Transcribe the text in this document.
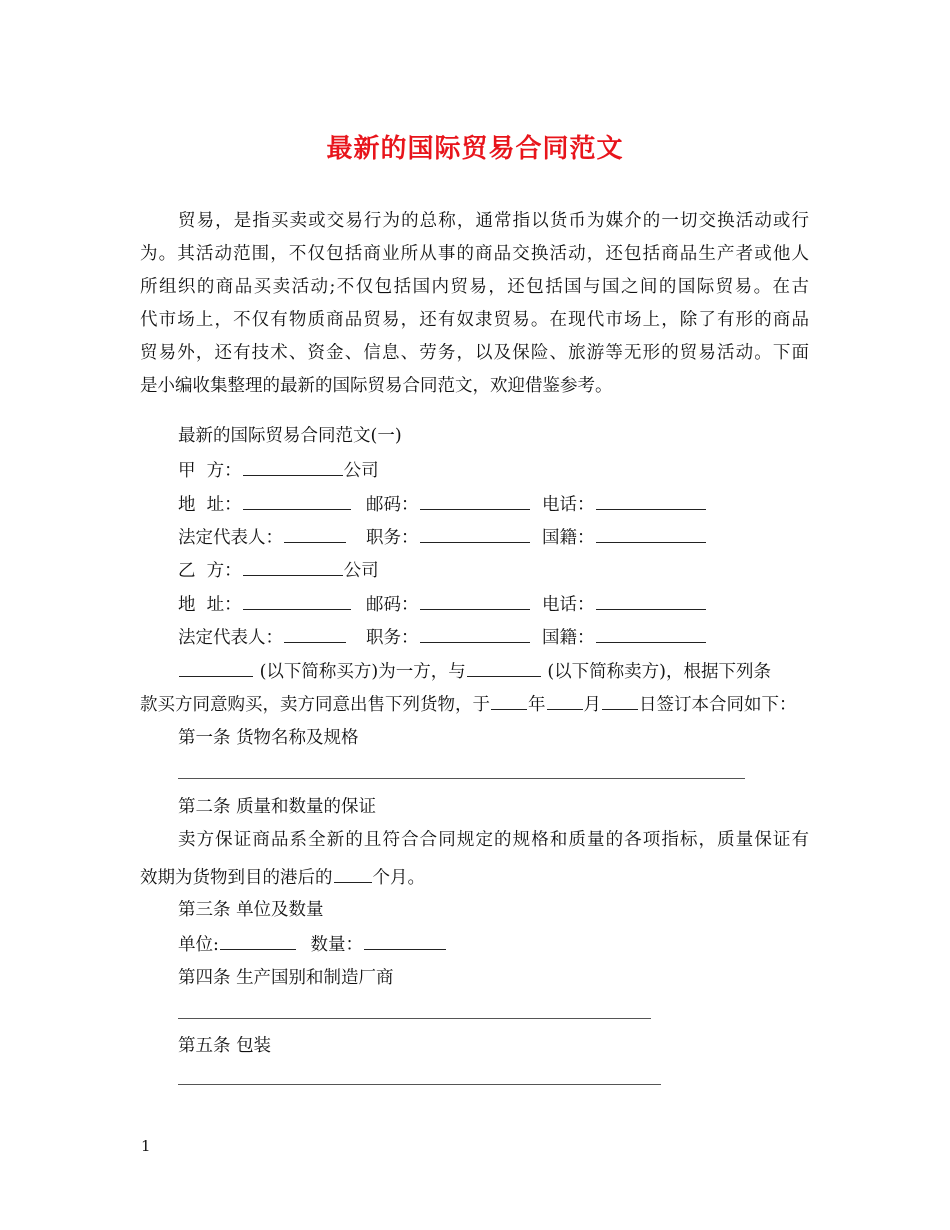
最新的国际贸易合同范文
贸易，是指买卖或交易行为的总称，通常指以货币为媒介的一切交换活动或行
为。其活动范围，不仅包括商业所从事的商品交换活动，还包括商品生产者或他人
所组织的商品买卖活动;不仅包括国内贸易，还包括国与国之间的国际贸易。在古
代市场上，不仅有物质商品贸易，还有奴隶贸易。在现代市场上，除了有形的商品
贸易外，还有技术、资金、信息、劳务，以及保险、旅游等无形的贸易活动。下面
是小编收集整理的最新的国际贸易合同范文，欢迎借鉴参考。
最新的国际贸易合同范文(一)
甲  方：	公司
地  址：	邮码：	电话：
法定代表人：	职务：	国籍：
乙  方：	公司
地  址：	邮码：	电话：
法定代表人：	职务：	国籍：
(以下简称买方)为一方，与	(以下简称卖方)，根据下列条
款买方同意购买，卖方同意出售下列货物，于 年 月 日签订本合同如下：
第一条 货物名称及规格
第二条 质量和数量的保证
卖方保证商品系全新的且符合合同规定的规格和质量的各项指标，质量保证有
效期为货物到目的港后的 个月。
第三条 单位及数量
单位:	数量：
第四条 生产国别和制造厂商
第五条 包装
1
